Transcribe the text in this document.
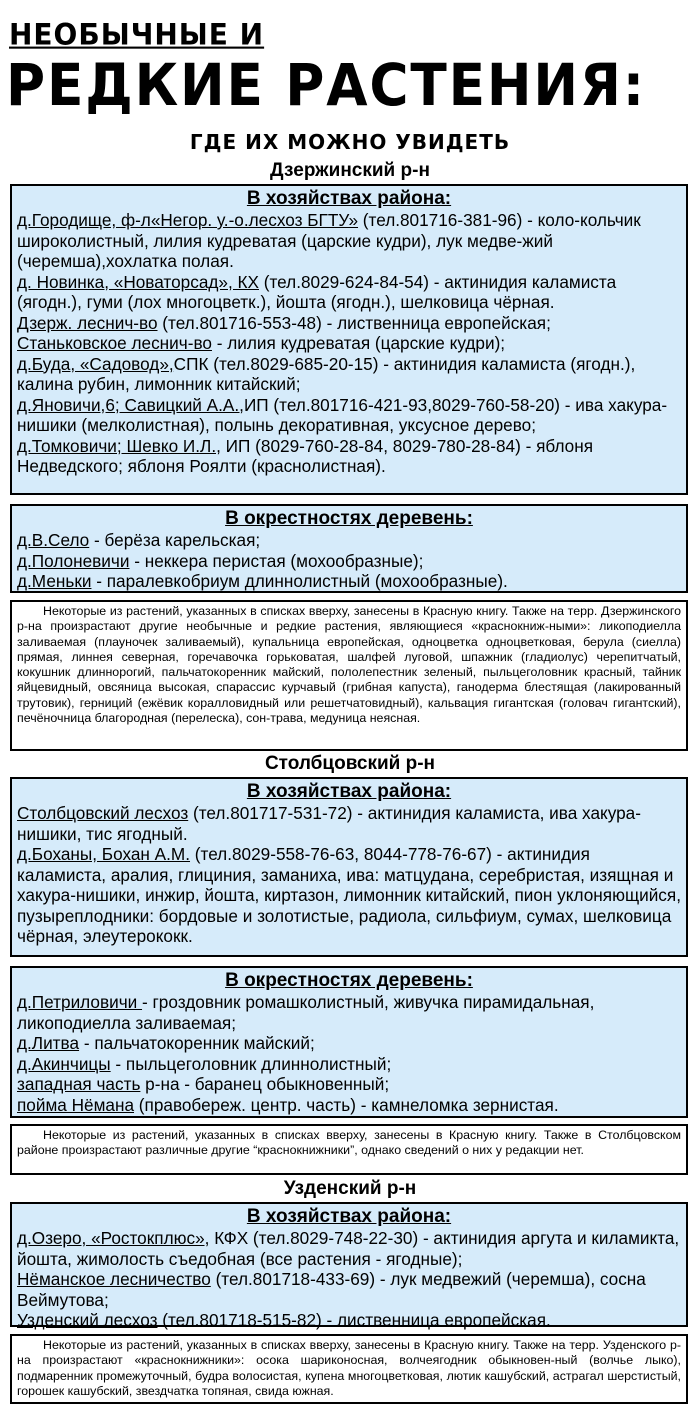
НЕОБЫЧНЫЕ И
РЕДКИЕ РАСТЕНИЯ:
ГДЕ ИХ МОЖНО УВИДЕТЬ
Дзержинский р-н
В хозяйствах района:
д.Городище, ф-л«Негор. у.-о.лесхоз БГТУ» (тел.801716-381-96) - коло-кольчик широколистный, лилия кудреватая (царские кудри), лук медве-жий (черемша),хохлатка полая.
д. Новинка, «Новаторсад», КХ (тел.8029-624-84-54) - актинидия каламиста (ягодн.), гуми (лох многоцветк.), йошта (ягодн.), шелковица чёрная.
Дзерж. леснич-во (тел.801716-553-48) - лиственница европейская;
Станьковское леснич-во - лилия кудреватая (царские кудри);
д.Буда, «Садовод»,СПК (тел.8029-685-20-15) - актинидия каламиста (ягодн.), калина рубин, лимонник китайский;
д.Яновичи,6; Савицкий А.А.,ИП (тел.801716-421-93,8029-760-58-20) - ива хакура-нишики (мелколистная), полынь декоративная, уксусное дерево;
д.Томковичи; Шевко И.Л., ИП (8029-760-28-84, 8029-780-28-84) - яблоня Недведского; яблоня Роялти (краснолистная).
В окрестностях деревень:
д.В.Село - берёза карельская;
д.Полоневичи - неккера перистая (мохообразные);
д.Меньки - паралевкобриум длиннолистный (мохообразные).
Некоторые из растений, указанных в списках вверху, занесены в Красную книгу. Также на терр. Дзержинского р-на произрастают другие необычные и редкие растения, являющиеся «краснокниж-ными»: ликоподиелла заливаемая (плауночек заливаемый), купальница европейская, одноцветка одноцветковая, берула (сиелла) прямая, линнея северная, горечавочка горьковатая, шалфей луговой, шпажник (гладиолус) черепитчатый, кокушник длиннорогий, пальчатокоренник майский, пололепестник зеленый, пыльцеголовник красный, тайник яйцевидный, овсяница высокая, спарассис курчавый (грибная капуста), ганодерма блестящая (лакированный трутовик), герниций (ежёвик коралловидный или решетчатовидный), кальвация гигантская (головач гигантский), печёночница благородная (перелеска), сон-трава, медуница неясная.
Столбцовский р-н
В хозяйствах района:
Столбцовский лесхоз (тел.801717-531-72) - актинидия каламиста, ива хакура-нишики, тис ягодный.
д.Боханы, Бохан А.М. (тел.8029-558-76-63, 8044-778-76-67) - актинидия каламиста, аралия, глициния, заманиха, ива: матцудана, серебристая, изящная и хакура-нишики, инжир, йошта, киртазон, лимонник китайский, пион уклоняющийся, пузыреплодники: бордовые и золотистые, радиола, сильфиум, сумах, шелковица чёрная, элеутерококк.
В окрестностях деревень:
д.Петриловичи - гроздовник ромашколистный, живучка пирамидальная, ликоподиелла заливаемая;
д.Литва - пальчатокоренник майский;
д.Акинчицы - пыльцеголовник длиннолистный;
западная часть р-на - баранец обыкновенный;
пойма Нёмана (правобереж. центр. часть) - камнеломка зернистая.
Некоторые из растений, указанных в списках вверху, занесены в Красную книгу. Также в Столбцовском районе произрастают различные другие “краснокнижники”, однако сведений о них у редакции нет.
Узденский р-н
В хозяйствах района:
д.Озеро, «Ростокплюс», КФХ (тел.8029-748-22-30) - актинидия аргута и киламикта, йошта, жимолость съедобная (все растения - ягодные);
Нёманское лесничество (тел.801718-433-69) - лук медвежий (черемша), сосна Веймутова;
Узденский лесхоз (тел.801718-515-82) - лиственница европейская.
Некоторые из растений, указанных в списках вверху, занесены в Красную книгу. Также на терр. Узденского р-на произрастают «краснокнижники»: осока шариконосная, волчеягодник обыкновен-ный (волчье лыко), подмаренник промежуточный, будра волосистая, купена многоцветковая, лютик кашубский, астрагал шерстистый, горошек кашубский, звездчатка топяная, свида южная.
